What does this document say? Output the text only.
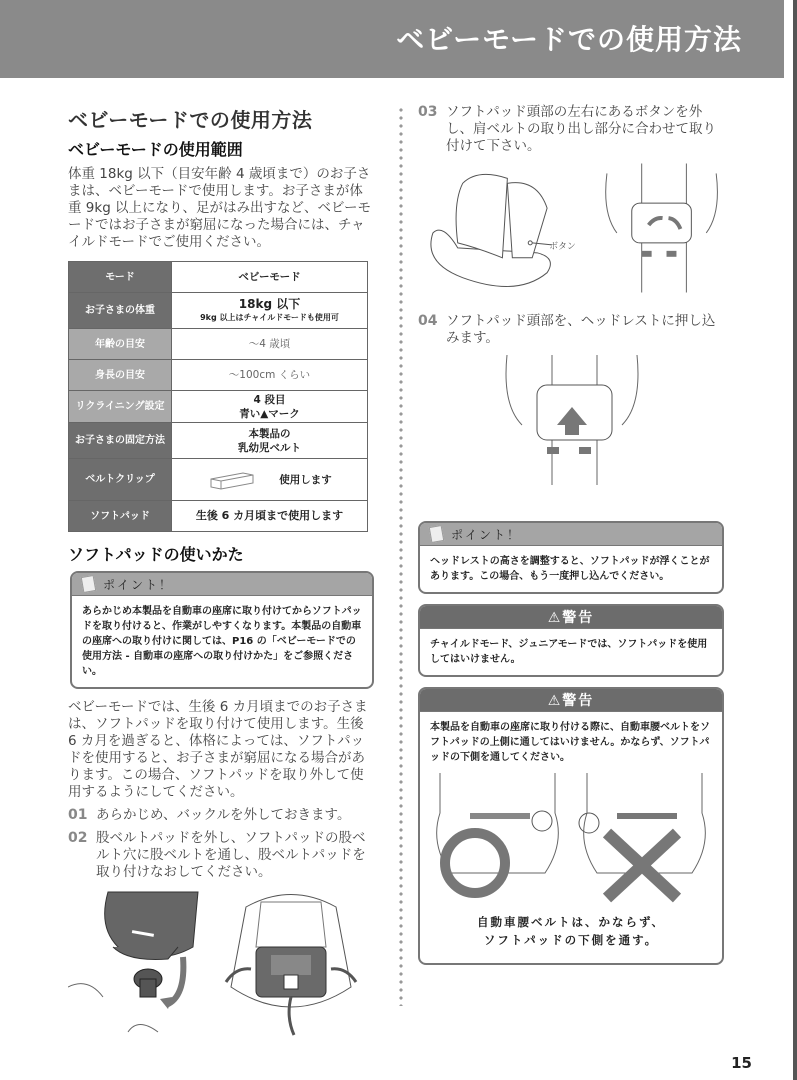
ベビーモードでの使用方法
ベビーモードでの使用方法
ベビーモードの使用範囲

体重 18kg 以下（目安年齢 4 歳頃まで）のお子さまは、ベビーモードで使用します。お子さまが体重 9kg 以上になり、足がはみ出すなど、ベビーモードではお子さまが窮屈になった場合には、チャイルドモードでご使用ください。

モード	ベビーモード
お子さまの体重	18kg 以下
9kg 以上はチャイルドモードも使用可

年齢の目安	～4 歳頃
身長の目安	～100cm くらい
リクライニング設定	4 段目
青い▲マーク

お子さまの固定方法	本製品の
乳幼児ベルト

ベルトクリップ	使用します

ソフトパッド	生後 6 カ月頃まで使用します
ソフトパッドの使いかた
ポイント！
あらかじめ本製品を自動車の座席に取り付けてからソフトパッドを取り付けると、作業がしやすくなります。本製品の自動車の座席への取り付けに関しては、P16 の「ベビーモードでの使用方法 - 自動車の座席への取り付けかた」をご参照ください。

ベビーモードでは、生後 6 カ月頃までのお子さまは、ソフトパッドを取り付けて使用します。生後 6 カ月を過ぎると、体格によっては、ソフトパッドを使用すると、お子さまが窮屈になる場合があります。この場合、ソフトパッドを取り外して使用するようにしてください。

01 あらかじめ、バックルを外しておきます。
02 股ベルトパッドを外し、ソフトパッドの股ベルト穴に股ベルトを通し、股ベルトパッドを取り付けなおしてください。
03 ソフトパッド頭部の左右にあるボタンを外し、肩ベルトの取り出し部分に合わせて取り付けて下さい。
ボタン
04 ソフトパッド頭部を、ヘッドレストに押し込みます。
ポイント！
ヘッドレストの高さを調整すると、ソフトパッドが浮くことがあります。この場合、もう一度押し込んでください。
⚠警告
チャイルドモード、ジュニアモードでは、ソフトパッドを使用してはいけません。
⚠警告
本製品を自動車の座席に取り付ける際に、自動車腰ベルトをソフトパッドの上側に通してはいけません。かならず、ソフトパッドの下側を通してください。
自動車腰ベルトは、かならず、
ソフトパッドの下側を通す。
15
